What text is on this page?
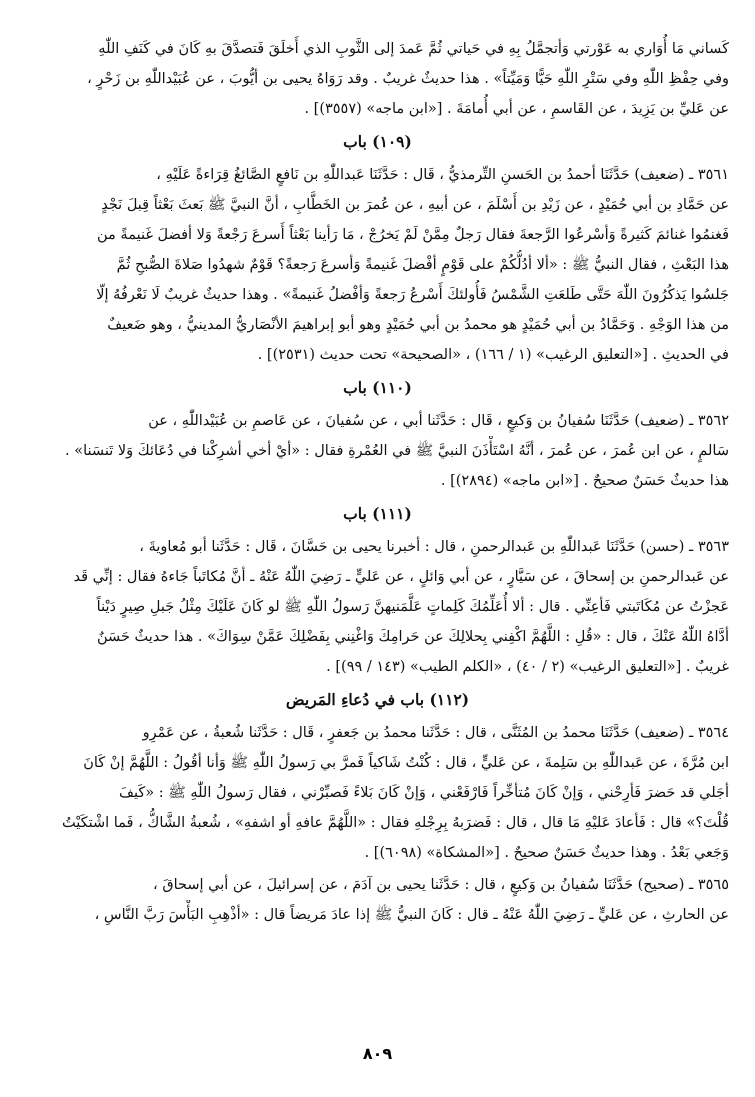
كَساني مَا أُوَاري به عَوْرتي وَأتجمَّلُ بِهِ في حَياتي ثُمَّ عَمدَ إلى الثَّوبِ الذي أَخلَقَ فَتصدَّقَ بهِ كَانَ في كَنَفِ اللّٰهِ
وفي حِفْظِ اللّٰهِ وفي سَتْرِ اللّٰهِ حَيًّا وَمَيِّتاً» . هذا حديثٌ غريبٌ . وقد رَوَاهُ يحيى بن أيُّوبَ ، عن عُبَيْداللّٰهِ بن زَحْرٍ ،
عن عَليِّ بن يَزِيدَ ، عن القَاسمِ ، عن أبي أُمامَةَ . [«ابن ماجه» (٣٥٥٧)] .

(١٠٩) باب

٣٥٦١ ـ (ضعيف) حَدَّثَنَا أحمدُ بن الحَسنِ التِّرمذيُّ ، قَال : حَدَّثَنَا عَبداللّٰهِ بن نَافعٍ الصَّائغُ قِرَاءةً عَلَيْهِ ،
عن حَمَّادِ بن أبي حُمَيْدٍ ، عن زَيْدِ بن أَسْلَمَ ، عن أبيهِ ، عن عُمرَ بن الخَطَّابِ ، أنَّ النبيَّ ﷺ بَعثَ بَعْثاً قِبلَ نَجْدٍ
فَغنمُوا غنائمَ كَثيرةً وَأسْرعُوا الرَّجعةَ فقال رَجلٌ مِمَّنْ لَمْ يَخرُجْ ، مَا رَأينا بَعْثاً أَسرعَ رَجْعةً وَلا أفضلَ غَنيمةً من
هذا البَعْثِ ، فقال النبيُّ ﷺ : «ألا أدُلُّكُمْ على قَوْمٍ أفْضلَ غَنيمةً وَأسرعَ رَجعةً؟ قَوْمٌ شهدُوا صَلاةَ الصُّبحِ ثُمَّ
جَلسُوا يَذكُرُونَ اللّٰهَ حَتَّى طَلعَتِ الشَّمْسُ فَأُولئكَ أَسْرعُ رَجعةً وَأفْضلُ غَنيمةً» . وهذا حديثٌ غريبٌ لَا نَعْرفُهُ إلّا
من هذا الوَجْهِ . وَحَمَّادُ بن أبي حُمَيْدٍ هو محمدُ بن أبي حُمَيْدٍ وهو أبو إبراهيمَ الأنْصَاريُّ المدينيُّ ، وهو ضَعيفٌ
في الحديثِ . [«التعليق الرغيب» (١ / ١٦٦) ، «الصحيحة» تحت حديث (٢٥٣١)] .

(١١٠) باب

٣٥٦٢ ـ (ضعيف) حَدَّثَنَا سُفيانُ بن وَكيعٍ ، قَال : حَدَّثَنا أبي ، عن سُفيانَ ، عن عَاصمِ بن عُبَيْداللّٰهِ ، عن
سَالمٍ ، عن ابن عُمرَ ، عن عُمرَ ، أنَّهُ اسْتَأْذَنَ النبيَّ ﷺ في العُمْرةِ فقال : «أيْ أخي أشرِكْنا في دُعَائكَ وَلا تَنسَنا» .
هذا حديثٌ حَسَنٌ صحيحٌ . [«ابن ماجه» (٢٨٩٤)] .

(١١١) باب

٣٥٦٣ ـ (حسن) حَدَّثَنَا عَبداللّٰهِ بن عَبدالرحمنِ ، قال : أخبرنا يحيى بن حَسَّانَ ، قَال : حَدَّثَنا أبو مُعاويةَ ،
عن عَبدالرحمنِ بن إسحاقَ ، عن سَيَّارٍ ، عن أبي وَائلٍ ، عن عَليٍّ ـ رَضِيَ اللّٰهُ عَنْهُ ـ أنَّ مُكاتَباً جَاءهُ فقال : إنِّي قَد
عَجزْتُ عن مُكَاتَبتي فَأعِنِّي . قال : ألا أُعَلِّمُكَ كَلِماتٍ عَلَّمَنيهنَّ رَسولُ اللّٰهِ ﷺ لو كَانَ عَلَيْكَ مِثْلُ جَبلِ صِيرٍ دَيْناً
أدَّاهُ اللّٰهُ عَنْكَ ، قال : «قُلِ : اللَّهُمَّ اكْفِني بِحلالِكَ عن حَرامِكَ وَاغْنِني بِفَضْلِكَ عَمَّنْ سِوَاكَ» . هذا حديثٌ حَسَنٌ
غريبٌ . [«التعليق الرغيب» (٢ / ٤٠) ، «الكلم الطيب» (١٤٣ / ٩٩)] .

(١١٢) باب في دُعاءِ المَريض

٣٥٦٤ ـ (ضعيف) حَدَّثَنَا محمدُ بن المُثَنَّى ، قال : حَدَّثَنا محمدُ بن جَعفرٍ ، قَال : حَدَّثَنا شُعبةُ ، عن عَمْرِو
ابن مُرَّةَ ، عن عَبداللّٰهِ بن سَلِمةَ ، عن عَليٍّ ، قال : كُنْتُ شَاكياً فَمرَّ بي رَسولُ اللّٰهِ ﷺ وَأنا أقُولُ : اللَّهُمَّ إنْ كَانَ
أجَلي قد حَضرَ فَأرِحْني ، وَإنْ كَانَ مُتأخِّراً فَارْفَعْني ، وَإنْ كَانَ بَلاءً فَصبِّرْني ، فقال رَسولُ اللّٰهِ ﷺ : «كَيفَ
قُلْتَ؟» قال : فَأعادَ عَليْهِ مَا قال ، قال : فَضرَبهُ بِرِجْلهِ فقال : «اللَّهُمَّ عافهِ أو اشفهِ» ، شُعبةُ الشَّاكُّ ، فَما اشْتكَيْتُ
وَجَعي بَعْدُ . وهذا حديثٌ حَسَنٌ صحيحٌ . [«المشكاة» (٦٠٩٨)] .

٣٥٦٥ ـ (صحيح) حَدَّثَنَا سُفيانُ بن وَكيعٍ ، قال : حَدَّثَنا يحيى بن آدَمَ ، عن إسرائيلَ ، عن أبي إسحاقَ ،
عن الحارثِ ، عن عَليٍّ ـ رَضِيَ اللّٰهُ عَنْهُ ـ قال : كَانَ النبيُّ ﷺ إذا عادَ مَريضاً قال : «أذْهِبِ البَأْسَ رَبَّ النَّاسِ ،

٨٠٩
